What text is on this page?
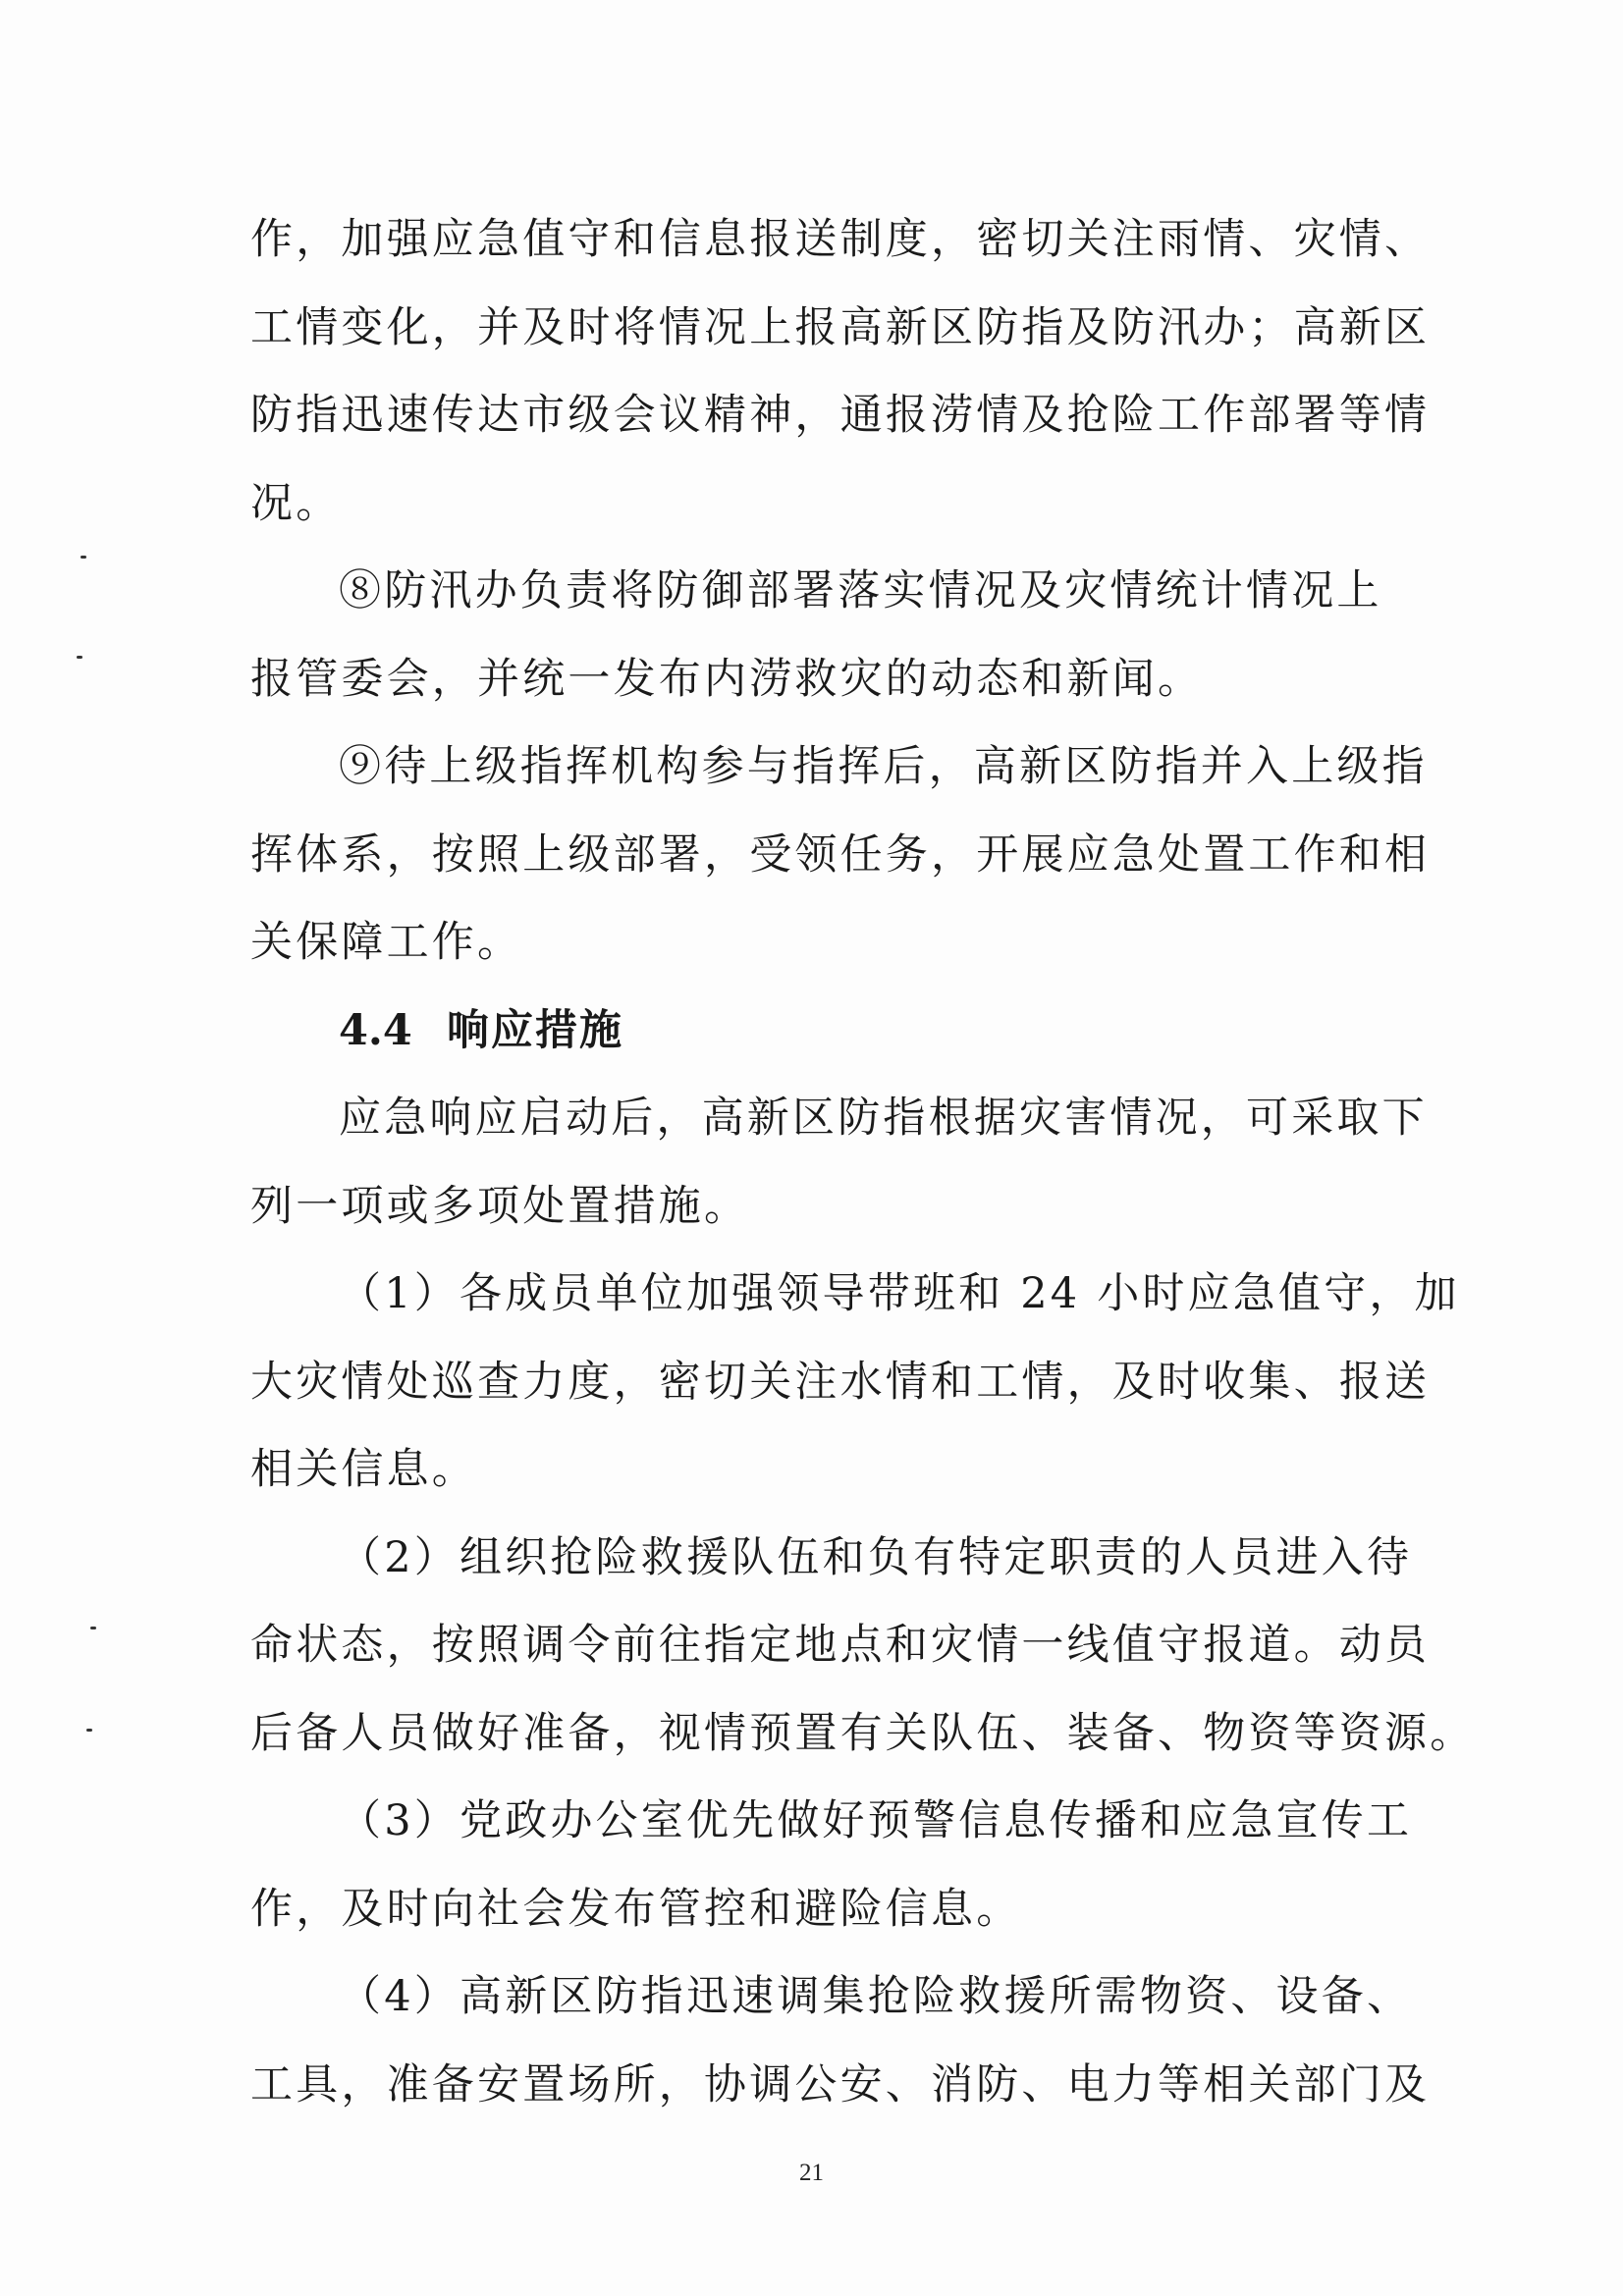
作，加强应急值守和信息报送制度，密切关注雨情、灾情、
工情变化，并及时将情况上报高新区防指及防汛办；高新区
防指迅速传达市级会议精神，通报涝情及抢险工作部署等情
况。
⑧防汛办负责将防御部署落实情况及灾情统计情况上
报管委会，并统一发布内涝救灾的动态和新闻。
⑨待上级指挥机构参与指挥后，高新区防指并入上级指
挥体系，按照上级部署，受领任务，开展应急处置工作和相
关保障工作。
4.4 响应措施
应急响应启动后，高新区防指根据灾害情况，可采取下
列一项或多项处置措施。
（1）各成员单位加强领导带班和 24 小时应急值守，加
大灾情处巡查力度，密切关注水情和工情，及时收集、报送
相关信息。
（2）组织抢险救援队伍和负有特定职责的人员进入待
命状态，按照调令前往指定地点和灾情一线值守报道。动员
后备人员做好准备，视情预置有关队伍、装备、物资等资源。
（3）党政办公室优先做好预警信息传播和应急宣传工
作，及时向社会发布管控和避险信息。
（4）高新区防指迅速调集抢险救援所需物资、设备、
工具，准备安置场所，协调公安、消防、电力等相关部门及
21
